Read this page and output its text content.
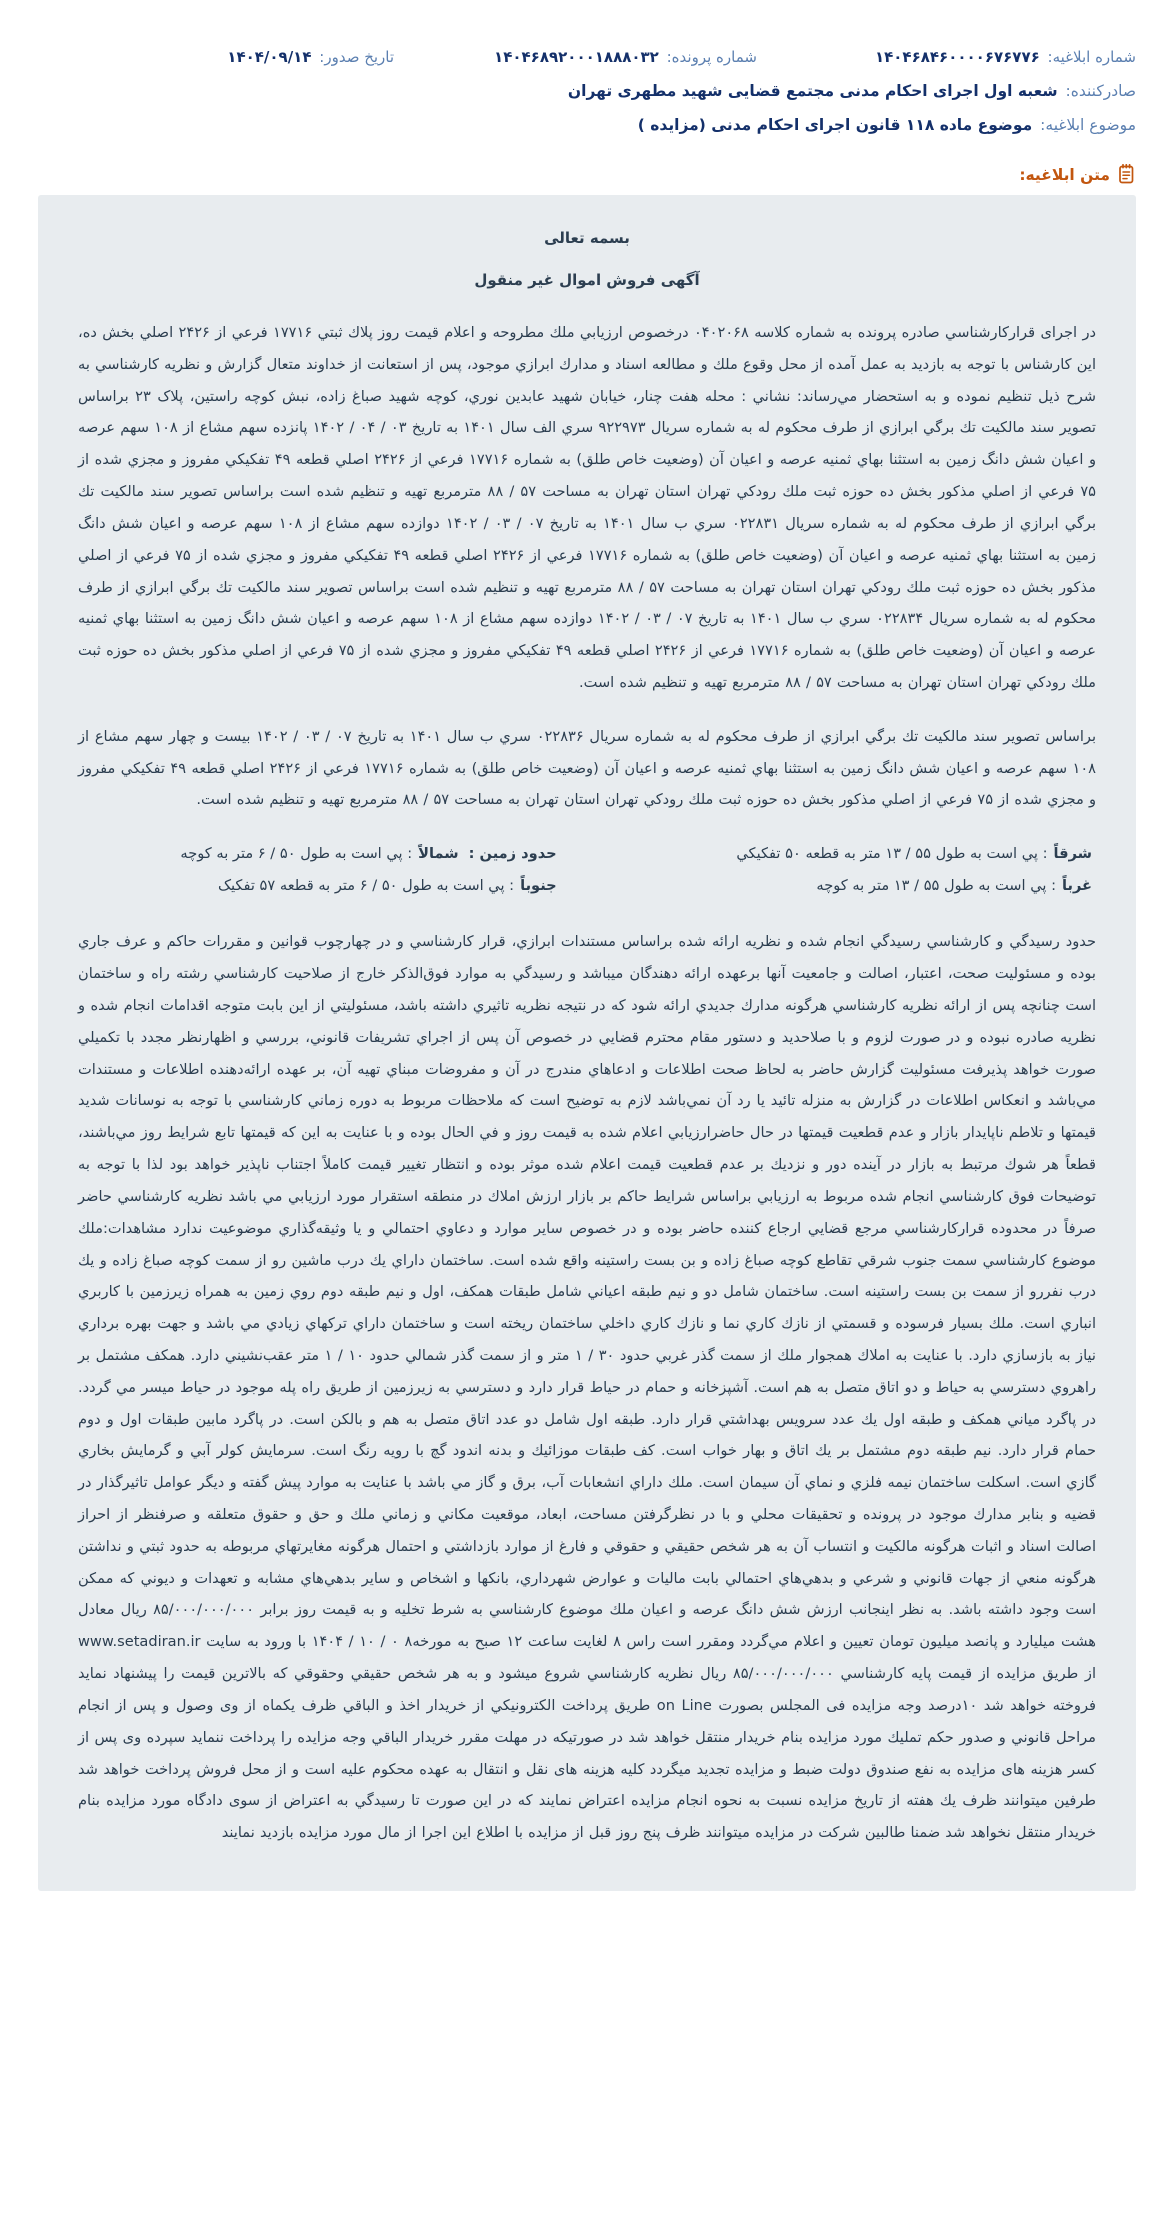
شماره ابلاغیه: ۱۴۰۴۶۸۴۶۰۰۰۰۶۷۶۷۷۶
شماره پرونده: ۱۴۰۴۶۸۹۲۰۰۰۱۸۸۸۰۳۲
تاریخ صدور: ۱۴۰۴/۰۹/۱۴
صادرکننده: شعبه اول اجرای احکام مدنی مجتمع قضایی شهید مطهری تهران
موضوع ابلاغیه: موضوع ماده ۱۱۸ قانون اجرای احکام مدنی (مزایده )
متن ابلاغیه:
بسمه تعالی
آگهی فروش اموال غیر منقول

در اجرای قرارکارشناسي صادره پرونده به شماره کلاسه ۰۴۰۲۰۶۸ درخصوص ارزیابي ملك مطروحه و اعلام قیمت روز پلاك ثبتي ۱۷۷۱۶ فرعي از ۲۴۲۶ اصلي بخش ده، این کارشناس با توجه به بازدید به عمل آمده از محل وقوع ملك و مطالعه اسناد و مدارك ابرازي موجود، پس از استعانت از خداوند متعال گزارش و نظریه کارشناسي به شرح ذیل تنظیم نموده و به استحضار مي‌رساند: نشاني : محله هفت چنار، خیابان شهید عابدین نوري، کوچه شهید صباغ زاده، نبش کوچه راستین، پلاک ۲۳ براساس تصویر سند مالکیت تك برگي ابرازي از طرف محکوم له به شماره سریال ۹۲۲۹۷۳ سري الف سال ۱۴۰۱ به تاریخ ۰۳ / ۰۴ / ۱۴۰۲ پانزده سهم مشاع از ۱۰۸ سهم عرصه و اعیان شش دانگ زمین به استثنا بهاي ثمنیه عرصه و اعیان آن (وضعیت خاص طلق) به شماره ۱۷۷۱۶ فرعي از ۲۴۲۶ اصلي قطعه ۴۹ تفکیکي مفروز و مجزي شده از ۷۵ فرعي از اصلي مذکور بخش ده حوزه ثبت ملك رودکي تهران استان تهران به مساحت ۵۷ / ۸۸ مترمربع تهیه و تنظیم شده است براساس تصویر سند مالکیت تك برگي ابرازي از طرف محکوم له به شماره سریال ۰۲۲۸۳۱ سري ب سال ۱۴۰۱ به تاریخ ۰۷ / ۰۳ / ۱۴۰۲ دوازده سهم مشاع از ۱۰۸ سهم عرصه و اعیان شش دانگ زمین به استثنا بهاي ثمنیه عرصه و اعیان آن (وضعیت خاص طلق) به شماره ۱۷۷۱۶ فرعي از ۲۴۲۶ اصلي قطعه ۴۹ تفکیکي مفروز و مجزي شده از ۷۵ فرعي از اصلي مذکور بخش ده حوزه ثبت ملك رودکي تهران استان تهران به مساحت ۵۷ / ۸۸ مترمربع تهیه و تنظیم شده است براساس تصویر سند مالکیت تك برگي ابرازي از طرف محکوم له به شماره سریال ۰۲۲۸۳۴ سري ب سال ۱۴۰۱ به تاریخ ۰۷ / ۰۳ / ۱۴۰۲ دوازده سهم مشاع از ۱۰۸ سهم عرصه و اعیان شش دانگ زمین به استثنا بهاي ثمنیه عرصه و اعیان آن (وضعیت خاص طلق) به شماره ۱۷۷۱۶ فرعي از ۲۴۲۶ اصلي قطعه ۴۹ تفکیکي مفروز و مجزي شده از ۷۵ فرعي از اصلي مذکور بخش ده حوزه ثبت ملك رودکي تهران استان تهران به مساحت ۵۷ / ۸۸ مترمربع تهیه و تنظیم شده است.

براساس تصویر سند مالکیت تك برگي ابرازي از طرف محکوم له به شماره سریال ۰۲۲۸۳۶ سري ب سال ۱۴۰۱ به تاریخ ۰۷ / ۰۳ / ۱۴۰۲ بیست و چهار سهم مشاع از ۱۰۸ سهم عرصه و اعیان شش دانگ زمین به استثنا بهاي ثمنیه عرصه و اعیان آن (وضعیت خاص طلق) به شماره ۱۷۷۱۶ فرعي از ۲۴۲۶ اصلي قطعه ۴۹ تفکیکي مفروز و مجزي شده از ۷۵ فرعي از اصلي مذکور بخش ده حوزه ثبت ملك رودکي تهران استان تهران به مساحت ۵۷ / ۸۸ مترمربع تهیه و تنظیم شده است.

شرقاً: پي است به طول ۵۵ / ۱۳ متر به قطعه ۵۰ تفکیکي
حدود زمین :شمالاً: پي است به طول ۵۰ / ۶ متر به کوچه
غرباً: پي است به طول ۵۵ / ۱۳ متر به کوچه
جنوباً: پي است به طول ۵۰ / ۶ متر به قطعه ۵۷ تفکیک

حدود رسیدگي و کارشناسي رسیدگي انجام شده و نظریه ارائه شده براساس مستندات ابرازي، قرار کارشناسي و در چهارچوب قوانین و مقررات حاکم و عرف جاري بوده و مسئولیت صحت، اعتبار، اصالت و جامعیت آنها برعهده ارائه دهندگان میباشد و رسیدگي به موارد فوق‌الذکر خارج از صلاحیت کارشناسي رشته راه و ساختمان است چنانچه پس از ارائه نظریه کارشناسي هرگونه مدارك جدیدي ارائه شود که در نتیجه نظریه تاثیري داشته باشد، مسئولیتي از این بابت متوجه اقدامات انجام شده و نظریه صادره نبوده و در صورت لزوم و با صلاحدید و دستور مقام محترم قضایي در خصوص آن پس از اجراي تشریفات قانوني، بررسي و اظهارنظر مجدد با تکمیلي صورت خواهد پذیرفت مسئولیت گزارش حاضر به لحاظ صحت اطلاعات و ادعاهاي مندرج در آن و مفروضات مبناي تهیه آن، بر عهده ارائه‌دهنده اطلاعات و مستندات مي‌باشد و انعکاس اطلاعات در گزارش به منزله تائید یا رد آن نمي‌باشد لازم به توضیح است که ملاحظات مربوط به دوره زماني کارشناسي با توجه به نوسانات شدید قیمتها و تلاطم ناپایدار بازار و عدم قطعیت قیمتها در حال حاضرارزیابي اعلام شده به قیمت روز و في الحال بوده و با عنایت به این که قیمتها تابع شرایط روز مي‌باشند، قطعاً هر شوك مرتبط به بازار در آینده دور و نزدیك بر عدم قطعیت قیمت اعلام شده موثر بوده و انتظار تغییر قیمت کاملاً اجتناب ناپذیر خواهد بود لذا با توجه به توضیحات فوق کارشناسي انجام شده مربوط به ارزیابي براساس شرایط حاکم بر بازار ارزش املاك در منطقه استقرار مورد ارزیابي مي باشد نظریه کارشناسي حاضر صرفاً در محدوده قرارکارشناسي مرجع قضایي ارجاع کننده حاضر بوده و در خصوص سایر موارد و دعاوي احتمالي و یا وثیقه‌گذاري موضوعیت ندارد مشاهدات:ملك موضوع کارشناسي سمت جنوب شرقي تقاطع کوچه صباغ زاده و بن بست راستینه واقع شده است. ساختمان داراي یك درب ماشین رو از سمت کوچه صباغ زاده و یك درب نفررو از سمت بن بست راستینه است. ساختمان شامل دو و نیم طبقه اعیاني شامل طبقات همکف، اول و نیم طبقه دوم روي زمین به همراه زیرزمین با کاربري انباري است. ملك بسیار فرسوده و قسمتي از نازك کاري نما و نازك کاري داخلي ساختمان ریخته است و ساختمان داراي ترکهاي زیادي مي باشد و جهت بهره برداري نیاز به بازسازي دارد. با عنایت به املاك همجوار ملك از سمت گذر غربي حدود ۳۰ / ۱ متر و از سمت گذر شمالي حدود ۱۰ / ۱ متر عقب‌نشیني دارد. همکف مشتمل بر راهروي دسترسي به حیاط و دو اتاق متصل به هم است. آشپزخانه و حمام در حیاط قرار دارد و دسترسي به زیرزمین از طریق راه پله موجود در حیاط میسر مي گردد. در پاگرد میاني همکف و طبقه اول یك عدد سرویس بهداشتي قرار دارد. طبقه اول شامل دو عدد اتاق متصل به هم و بالکن است. در پاگرد مابین طبقات اول و دوم حمام قرار دارد. نیم طبقه دوم مشتمل بر یك اتاق و بهار خواب است. کف طبقات موزائیك و بدنه اندود گچ با رویه رنگ است. سرمایش کولر آبي و گرمایش بخاري گازي است. اسکلت ساختمان نیمه فلزي و نماي آن سیمان است. ملك داراي انشعابات آب، برق و گاز مي باشد با عنایت به موارد پیش گفته و دیگر عوامل تاثیرگذار در قضیه و بنابر مدارك موجود در پرونده و تحقیقات محلي و با در نظرگرفتن مساحت، ابعاد، موقعیت مکاني و زماني ملك و حق و حقوق متعلقه و صرفنظر از احراز اصالت اسناد و اثبات هرگونه مالکیت و انتساب آن به هر شخص حقیقي و حقوقي و فارغ از موارد بازداشتي و احتمال هرگونه مغایرتهاي مربوطه به حدود ثبتي و نداشتن هرگونه منعي از جهات قانوني و شرعي و بدهي‌هاي احتمالي بابت مالیات و عوارض شهرداري، بانکها و اشخاص و سایر بدهي‌هاي مشابه و تعهدات و دیوني که ممکن است وجود داشته باشد. به نظر اینجانب ارزش شش دانگ عرصه و اعیان ملك موضوع کارشناسي به شرط تخلیه و به قیمت روز برابر ۸۵/۰۰۰/۰۰۰/۰۰۰ ریال معادل هشت میلیارد و پانصد میلیون تومان تعیین و اعلام مي‌گردد ومقرر است راس ۸ لغایت ساعت ۱۲ صبح به مورخه۸ ۰ / ۱۰ / ۱۴۰۴ با ورود به سایت www.setadiran.ir از طریق مزایده از قیمت پایه کارشناسي ۸۵/۰۰۰/۰۰۰/۰۰۰ ریال نظریه کارشناسي شروع میشود و به هر شخص حقیقي وحقوقي که بالاترین قیمت را پیشنهاد نماید فروخته خواهد شد ۱۰درصد وجه مزایده فی المجلس بصورت on Line طریق پرداخت الکترونیکي از خریدار اخذ و الباقي ظرف یکماه از وی وصول و پس از انجام مراحل قانوني و صدور حکم تملیك مورد مزایده بنام خریدار منتقل خواهد شد در صورتیکه در مهلت مقرر خریدار الباقي وجه مزایده را پرداخت ننماید سپرده وی پس از کسر هزینه های مزایده به نفع صندوق دولت ضبط و مزایده تجدید میگردد کلیه هزینه های نقل و انتقال به عهده محکوم علیه است و از محل فروش پرداخت خواهد شد طرفین میتوانند ظرف یك هفته از تاریخ مزایده نسبت به نحوه انجام مزایده اعتراض نمایند که در این صورت تا رسیدگي به اعتراض از سوی دادگاه مورد مزایده بنام خریدار منتقل نخواهد شد ضمنا طالبین شرکت در مزایده میتوانند ظرف پنج روز قبل از مزایده با اطلاع این اجرا از مال مورد مزایده بازدید نمایند
